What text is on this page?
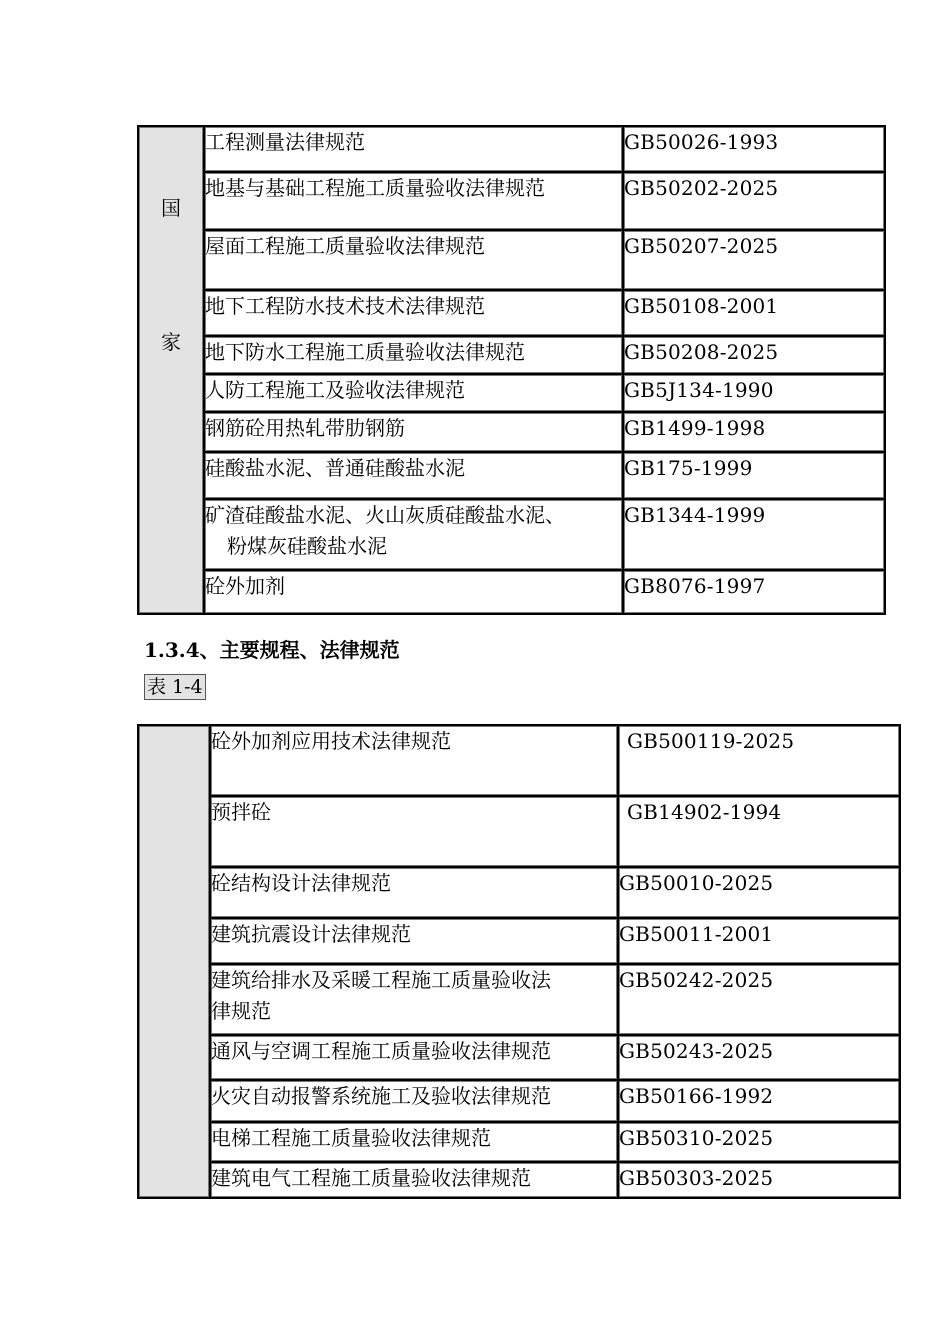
国
家	工程测量法律规范	GB50026-1993
	地基与基础工程施工质量验收法律规范	GB50202-2025
	屋面工程施工质量验收法律规范	GB50207-2025
	地下工程防水技术技术法律规范	GB50108-2001
	地下防水工程施工质量验收法律规范	GB50208-2025
	人防工程施工及验收法律规范	GB5J134-1990
	钢筋砼用热轧带肋钢筋	GB1499-1998
	硅酸盐水泥、普通硅酸盐水泥	GB175-1999
	矿渣硅酸盐水泥、火山灰质硅酸盐水泥、
粉煤灰硅酸盐水泥	GB1344-1999
	砼外加剂	GB8076-1997
1.3.4、主要规程、法律规范
表 1-4
	砼外加剂应用技术法律规范	GB500119-2025
	预拌砼	GB14902-1994
	砼结构设计法律规范	GB50010-2025
	建筑抗震设计法律规范	GB50011-2001
	建筑给排水及采暖工程施工质量验收法
律规范	GB50242-2025
	通风与空调工程施工质量验收法律规范	GB50243-2025
	火灾自动报警系统施工及验收法律规范	GB50166-1992
	电梯工程施工质量验收法律规范	GB50310-2025
	建筑电气工程施工质量验收法律规范	GB50303-2025
